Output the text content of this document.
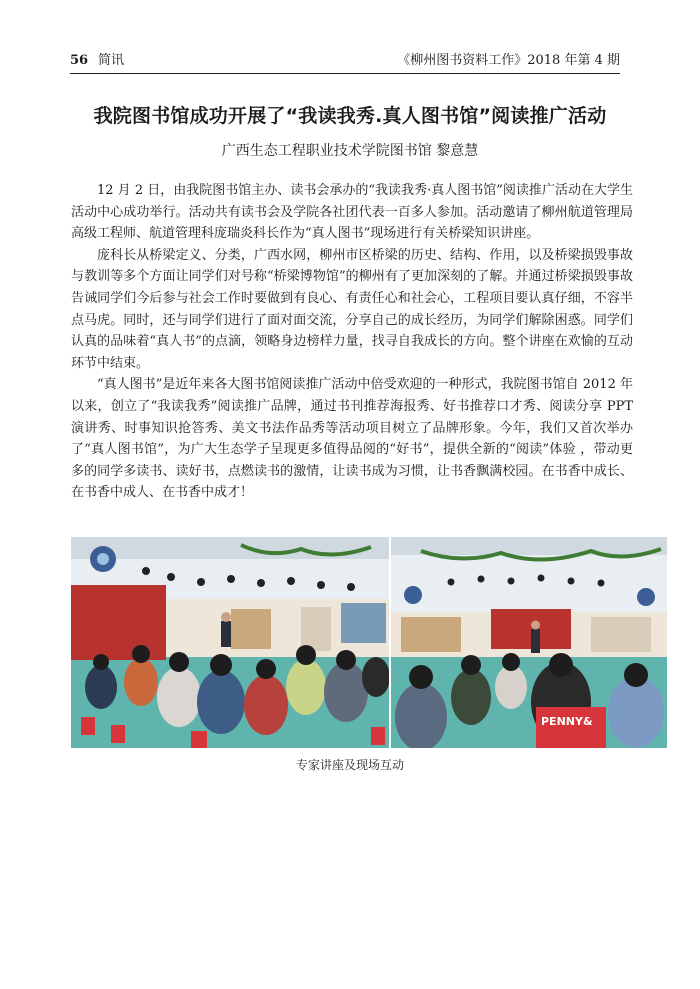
56 简讯	《柳州图书资料工作》2018 年第 4 期
我院图书馆成功开展了“我读我秀.真人图书馆”阅读推广活动
广西生态工程职业技术学院图书馆 黎意慧

12 月 2 日，由我院图书馆主办、读书会承办的“我读我秀·真人图书馆”阅读推广活动在大学生活动中心成功举行。活动共有读书会及学院各社团代表一百多人参加。活动邀请了柳州航道管理局高级工程师、航道管理科庞瑞炎科长作为“真人图书”现场进行有关桥梁知识讲座。

庞科长从桥梁定义、分类，广西水网，柳州市区桥梁的历史、结构、作用，以及桥梁损毁事故与教训等多个方面让同学们对号称“桥梁博物馆”的柳州有了更加深刻的了解。并通过桥梁损毁事故告诫同学们今后参与社会工作时要做到有良心、有责任心和社会心，工程项目要认真仔细，不容半点马虎。同时，还与同学们进行了面对面交流，分享自己的成长经历，为同学们解除困惑。同学们认真的品味着“真人书”的点滴，领略身边榜样力量，找寻自我成长的方向。整个讲座在欢愉的互动环节中结束。

“真人图书”是近年来各大图书馆阅读推广活动中倍受欢迎的一种形式，我院图书馆自 2012 年以来，创立了“我读我秀”阅读推广品牌，通过书刊推荐海报秀、好书推荐口才秀、阅读分享 PPT 演讲秀、时事知识抢答秀、美文书法作品秀等活动项目树立了品牌形象。今年，我们又首次举办了“真人图书馆”，为广大生态学子呈现更多值得品阅的“好书”，提供全新的“阅读”体验 ，带动更多的同学多读书、读好书，点燃读书的激情，让读书成为习惯，让书香飘满校园。在书香中成长、在书香中成人、在书香中成才！

PENNY&
专家讲座及现场互动
